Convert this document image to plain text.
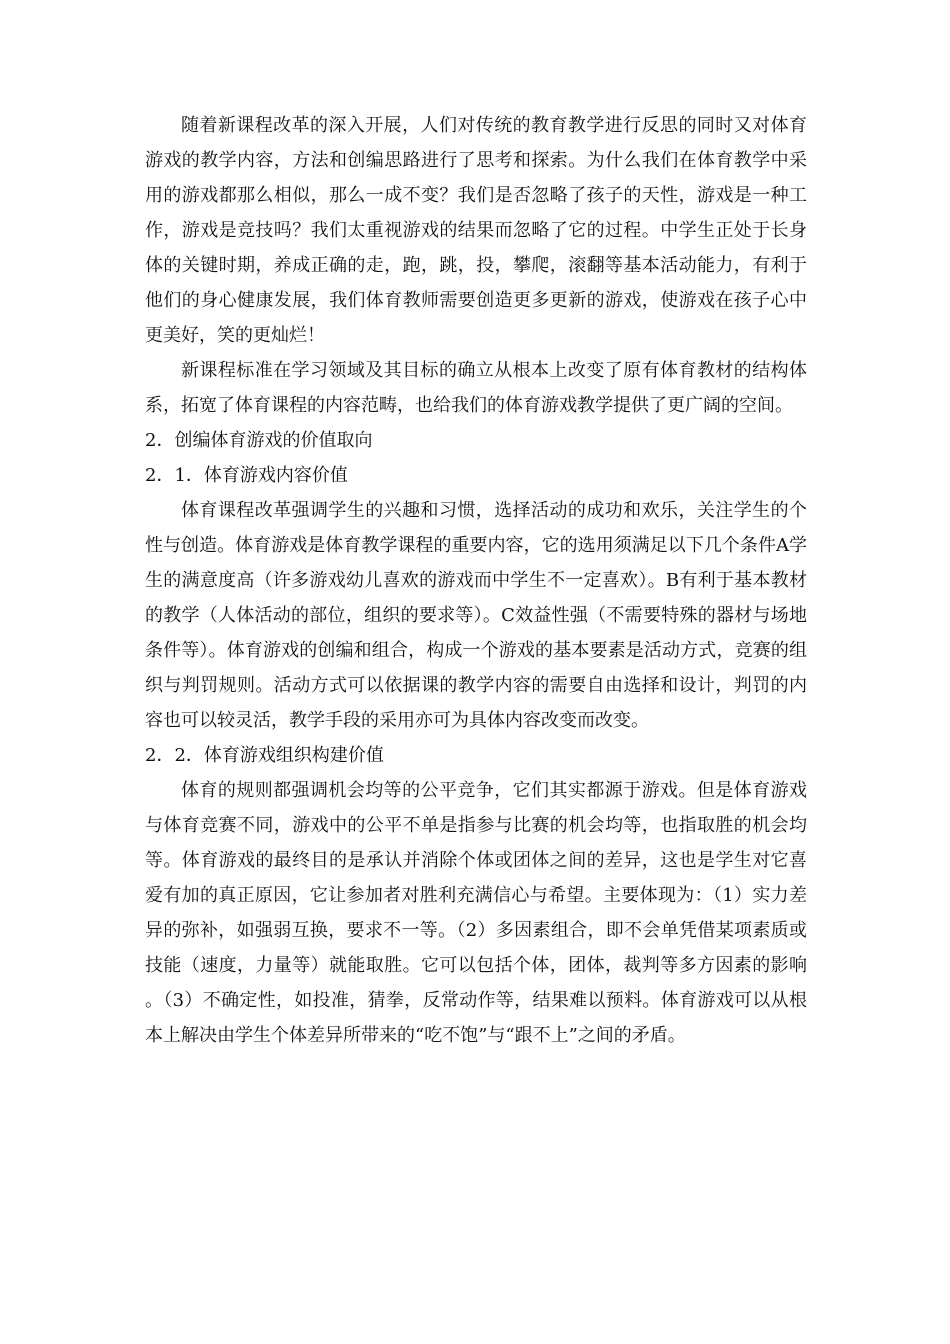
随着新课程改革的深入开展，人们对传统的教育教学进行反思的同时又对体育游戏的教学内容，方法和创编思路进行了思考和探索。为什么我们在体育教学中采用的游戏都那么相似，那么一成不变？我们是否忽略了孩子的天性，游戏是一种工作，游戏是竞技吗？我们太重视游戏的结果而忽略了它的过程。中学生正处于长身体的关键时期，养成正确的走，跑，跳，投，攀爬，滚翻等基本活动能力，有利于他们的身心健康发展，我们体育教师需要创造更多更新的游戏，使游戏在孩子心中更美好，笑的更灿烂！

新课程标准在学习领域及其目标的确立从根本上改变了原有体育教材的结构体系，拓宽了体育课程的内容范畴，也给我们的体育游戏教学提供了更广阔的空间。

2．创编体育游戏的价值取向

2．1．体育游戏内容价值

体育课程改革强调学生的兴趣和习惯，选择活动的成功和欢乐，关注学生的个性与创造。体育游戏是体育教学课程的重要内容，它的选用须满足以下几个条件A学生的满意度高（许多游戏幼儿喜欢的游戏而中学生不一定喜欢）。B有利于基本教材的教学（人体活动的部位，组织的要求等）。C效益性强（不需要特殊的器材与场地条件等）。体育游戏的创编和组合，构成一个游戏的基本要素是活动方式，竞赛的组织与判罚规则。活动方式可以依据课的教学内容的需要自由选择和设计，判罚的内容也可以较灵活，教学手段的采用亦可为具体内容改变而改变。

2．2．体育游戏组织构建价值

体育的规则都强调机会均等的公平竞争，它们其实都源于游戏。但是体育游戏与体育竞赛不同，游戏中的公平不单是指参与比赛的机会均等，也指取胜的机会均等。体育游戏的最终目的是承认并消除个体或团体之间的差异，这也是学生对它喜爱有加的真正原因，它让参加者对胜利充满信心与希望。主要体现为：（1）实力差异的弥补，如强弱互换，要求不一等。（2）多因素组合，即不会单凭借某项素质或技能（速度，力量等）就能取胜。它可以包括个体，团体，裁判等多方因素的影响。（3）不确定性，如投准，猜拳，反常动作等，结果难以预料。体育游戏可以从根本上解决由学生个体差异所带来的“吃不饱”与“跟不上”之间的矛盾。
